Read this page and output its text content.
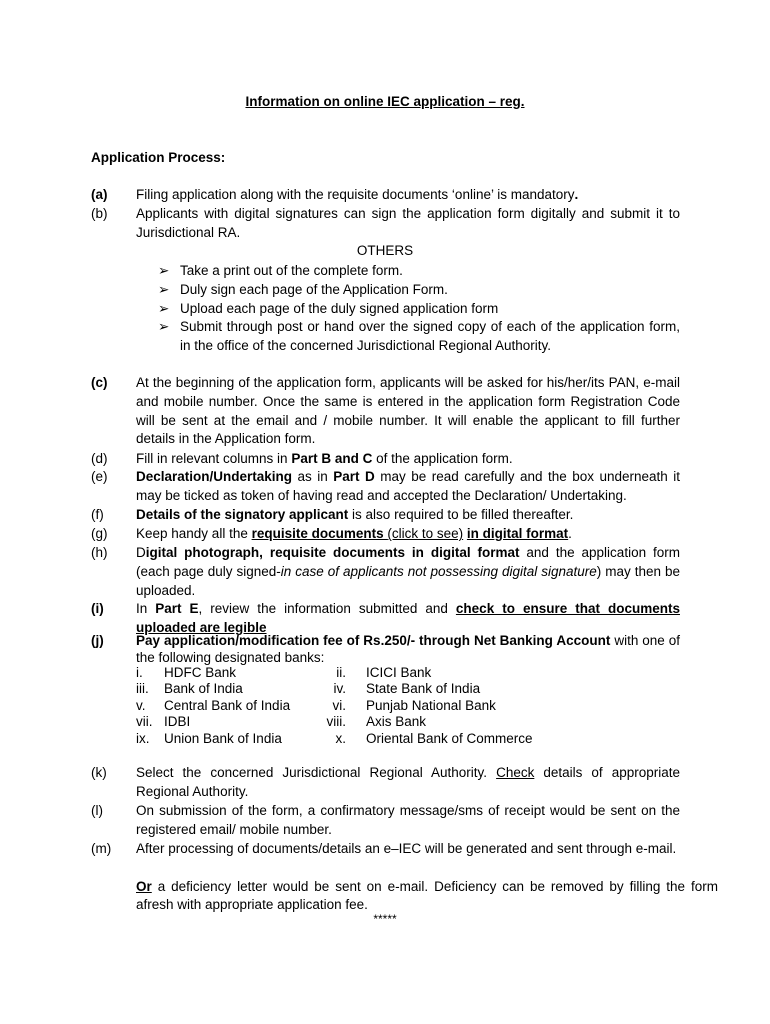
Information on online IEC application – reg.
Application Process:
(a) Filing application along with the requisite documents ‘online’ is mandatory.
(b) Applicants with digital signatures can sign the application form digitally and submit it to Jurisdictional RA.
OTHERS
➢ Take a print out of the complete form.
➢ Duly sign each page of the Application Form.
➢ Upload each page of the duly signed application form
➢ Submit through post or hand over the signed copy of each of the application form, in the office of the concerned Jurisdictional Regional Authority.
(c) At the beginning of the application form, applicants will be asked for his/her/its PAN, e-mail and mobile number. Once the same is entered in the application form Registration Code will be sent at the email and / mobile number. It will enable the applicant to fill further details in the Application form.
(d) Fill in relevant columns in Part B and C of the application form.
(e) Declaration/Undertaking as in Part D may be read carefully and the box underneath it may be ticked as token of having read and accepted the Declaration/ Undertaking.
(f) Details of the signatory applicant is also required to be filled thereafter.
(g) Keep handy all the requisite documents (click to see) in digital format.
(h) Digital photograph, requisite documents in digital format and the application form (each page duly signed-in case of applicants not possessing digital signature) may then be uploaded.
(i) In Part E, review the information submitted and check to ensure that documents uploaded are legible
(j) Pay application/modification fee of Rs.250/- through Net Banking Account with one of the following designated banks:
i.	HDFC Bank	ii. ICICI Bank
iii.	Bank of India	iv. State Bank of India
v.	Central Bank of India	vi. Punjab National Bank
vii. IDBI	viii. Axis Bank
ix.	Union Bank of India	x. Oriental Bank of Commerce
(k) Select the concerned Jurisdictional Regional Authority. Check details of appropriate Regional Authority.
(l) On submission of the form, a confirmatory message/sms of receipt would be sent on the registered email/ mobile number.
(m) After processing of documents/details an e–IEC will be generated and sent through e-mail.
Or a deficiency letter would be sent on e-mail. Deficiency can be removed by filling the form afresh with appropriate application fee.
*****
